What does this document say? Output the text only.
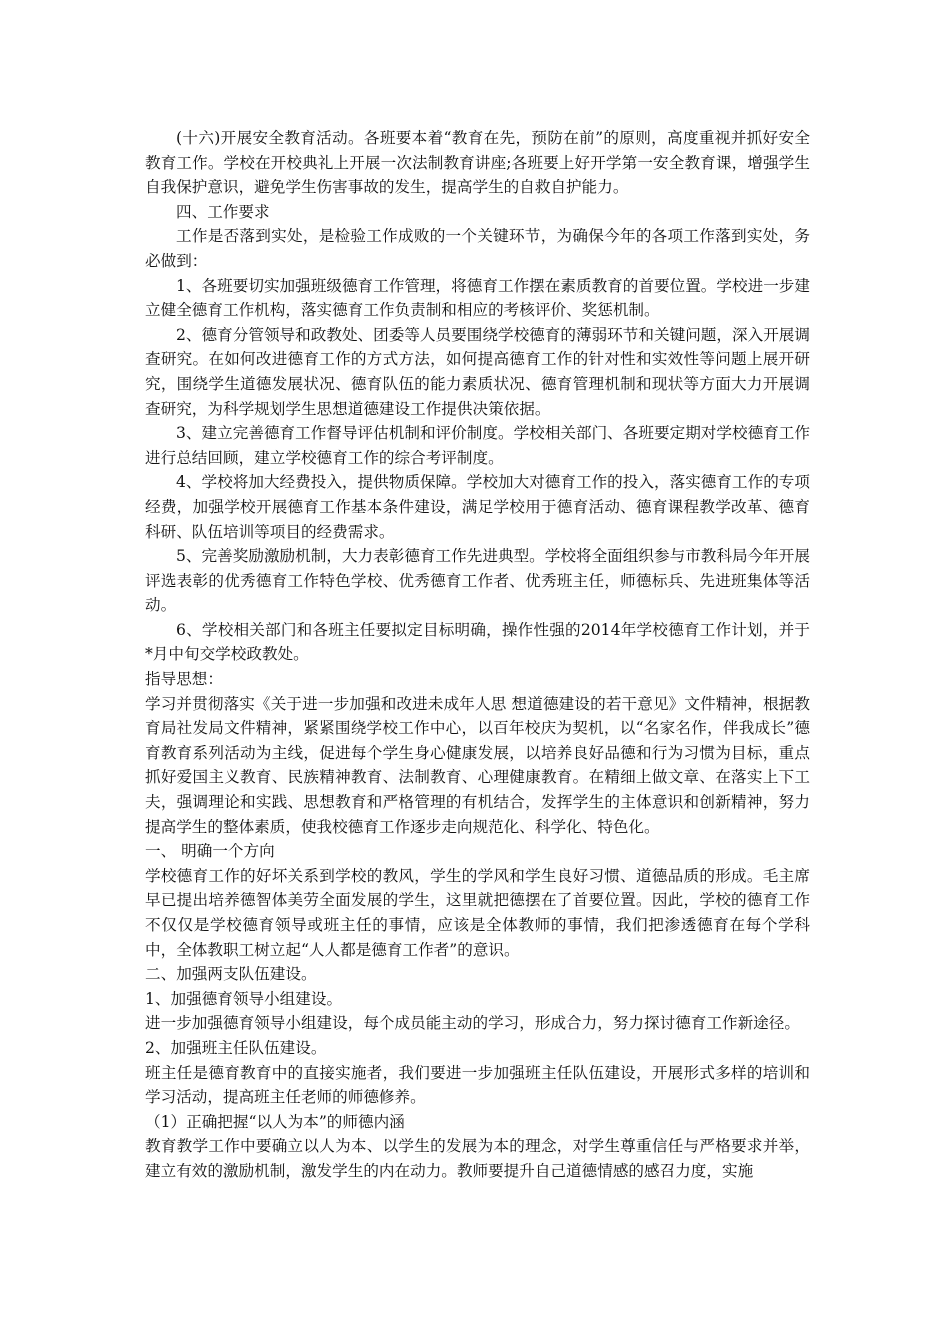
(十六)开展安全教育活动。各班要本着“教育在先，预防在前”的原则，高度重视并抓好安全教育工作。学校在开校典礼上开展一次法制教育讲座;各班要上好开学第一安全教育课，增强学生自我保护意识，避免学生伤害事故的发生，提高学生的自救自护能力。

四、工作要求

工作是否落到实处，是检验工作成败的一个关键环节，为确保今年的各项工作落到实处，务必做到：

1、各班要切实加强班级德育工作管理，将德育工作摆在素质教育的首要位置。学校进一步建立健全德育工作机构，落实德育工作负责制和相应的考核评价、奖惩机制。

2、德育分管领导和政教处、团委等人员要围绕学校德育的薄弱环节和关键问题，深入开展调查研究。在如何改进德育工作的方式方法，如何提高德育工作的针对性和实效性等问题上展开研究，围绕学生道德发展状况、德育队伍的能力素质状况、德育管理机制和现状等方面大力开展调查研究，为科学规划学生思想道德建设工作提供决策依据。

3、建立完善德育工作督导评估机制和评价制度。学校相关部门、各班要定期对学校德育工作进行总结回顾，建立学校德育工作的综合考评制度。

4、学校将加大经费投入，提供物质保障。学校加大对德育工作的投入，落实德育工作的专项经费，加强学校开展德育工作基本条件建设，满足学校用于德育活动、德育课程教学改革、德育科研、队伍培训等项目的经费需求。

5、完善奖励激励机制，大力表彰德育工作先进典型。学校将全面组织参与市教科局今年开展评选表彰的优秀德育工作特色学校、优秀德育工作者、优秀班主任，师德标兵、先进班集体等活动。

6、学校相关部门和各班主任要拟定目标明确，操作性强的2014年学校德育工作计划，并于*月中旬交学校政教处。

指导思想：

学习并贯彻落实《关于进一步加强和改进未成年人思 想道德建设的若干意见》文件精神，根据教育局社发局文件精神，紧紧围绕学校工作中心，以百年校庆为契机，以“名家名作，伴我成长”德育教育系列活动为主线，促进每个学生身心健康发展，以培养良好品德和行为习惯为目标，重点抓好爱国主义教育、民族精神教育、法制教育、心理健康教育。在精细上做文章、在落实上下工夫，强调理论和实践、思想教育和严格管理的有机结合，发挥学生的主体意识和创新精神，努力提高学生的整体素质，使我校德育工作逐步走向规范化、科学化、特色化。

一、 明确一个方向

学校德育工作的好坏关系到学校的教风，学生的学风和学生良好习惯、道德品质的形成。毛主席早已提出培养德智体美劳全面发展的学生，这里就把德摆在了首要位置。因此，学校的德育工作不仅仅是学校德育领导或班主任的事情，应该是全体教师的事情，我们把渗透德育在每个学科中，全体教职工树立起“人人都是德育工作者”的意识。

二、加强两支队伍建设。

1、加强德育领导小组建设。

进一步加强德育领导小组建设，每个成员能主动的学习，形成合力，努力探讨德育工作新途径。

2、加强班主任队伍建设。

班主任是德育教育中的直接实施者，我们要进一步加强班主任队伍建设，开展形式多样的培训和学习活动，提高班主任老师的师德修养。

（1）正确把握“以人为本”的师德内涵

教育教学工作中要确立以人为本、以学生的发展为本的理念，对学生尊重信任与严格要求并举，建立有效的激励机制，激发学生的内在动力。教师要提升自己道德情感的感召力度，实施
